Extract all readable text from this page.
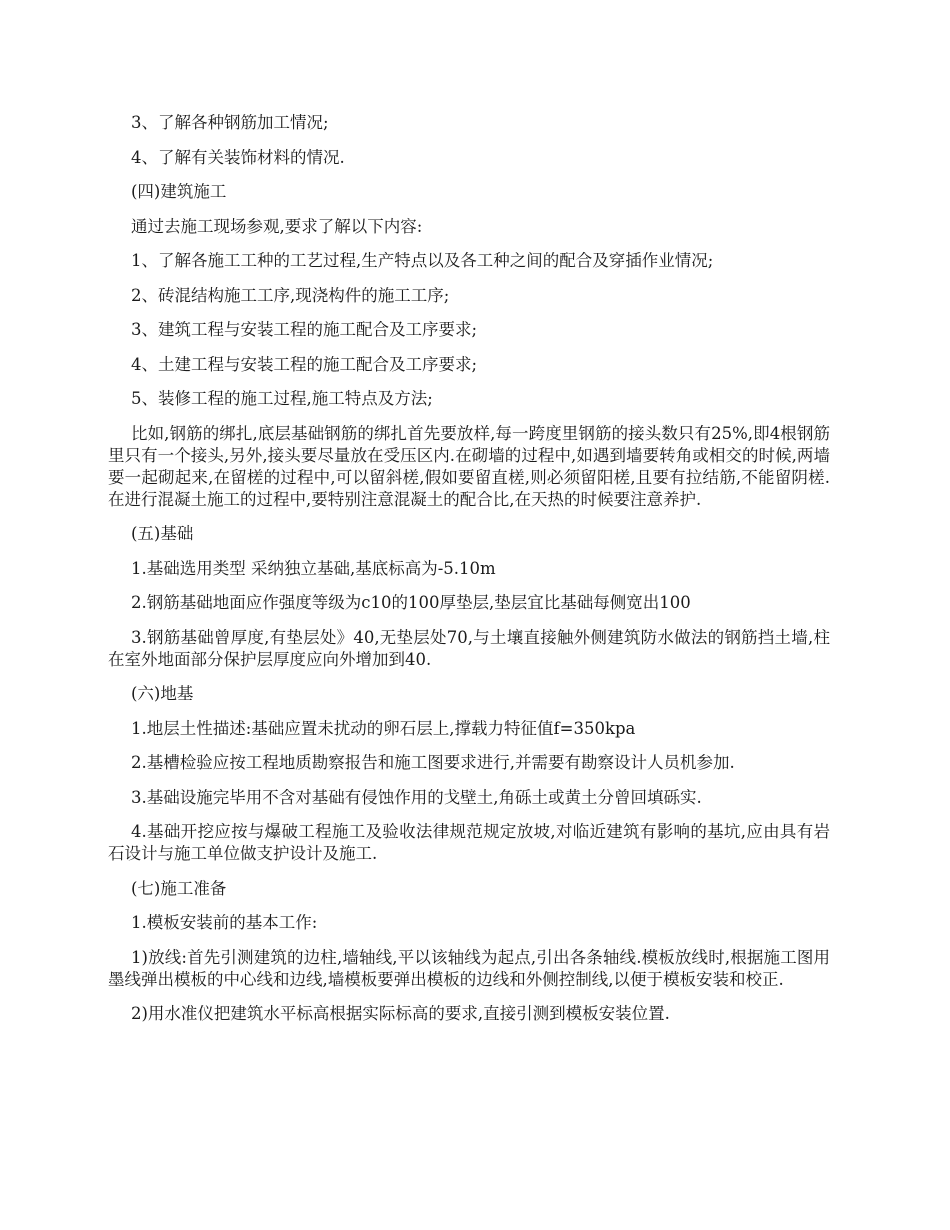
3、了解各种钢筋加工情况;

4、了解有关装饰材料的情况.

(四)建筑施工

通过去施工现场参观,要求了解以下内容:

1、了解各施工工种的工艺过程,生产特点以及各工种之间的配合及穿插作业情况;

2、砖混结构施工工序,现浇构件的施工工序;

3、建筑工程与安装工程的施工配合及工序要求;

4、土建工程与安装工程的施工配合及工序要求;

5、装修工程的施工过程,施工特点及方法;

比如,钢筋的绑扎,底层基础钢筋的绑扎首先要放样,每一跨度里钢筋的接头数只有25%,即4根钢筋里只有一个接头,另外,接头要尽量放在受压区内.在砌墙的过程中,如遇到墙要转角或相交的时候,两墙要一起砌起来,在留槎的过程中,可以留斜槎,假如要留直槎,则必须留阳槎,且要有拉结筋,不能留阴槎.在进行混凝土施工的过程中,要特别注意混凝土的配合比,在天热的时候要注意养护.

(五)基础

1.基础选用类型 采纳独立基础,基底标高为-5.10m

2.钢筋基础地面应作强度等级为c10的100厚垫层,垫层宜比基础每侧宽出100

3.钢筋基础曾厚度,有垫层处》40,无垫层处70,与土壤直接触外侧建筑防水做法的钢筋挡土墙,柱在室外地面部分保护层厚度应向外增加到40.

(六)地基

1.地层土性描述:基础应置未扰动的卵石层上,撑载力特征值f=350kpa

2.基槽检验应按工程地质勘察报告和施工图要求进行,并需要有勘察设计人员机参加.

3.基础设施完毕用不含对基础有侵蚀作用的戈壁土,角砾土或黄土分曾回填砾实.

4.基础开挖应按与爆破工程施工及验收法律规范规定放坡,对临近建筑有影响的基坑,应由具有岩石设计与施工单位做支护设计及施工.

(七)施工准备

1.模板安装前的基本工作:

1)放线:首先引测建筑的边柱,墙轴线,平以该轴线为起点,引出各条轴线.模板放线时,根据施工图用墨线弹出模板的中心线和边线,墙模板要弹出模板的边线和外侧控制线,以便于模板安装和校正.

2)用水准仪把建筑水平标高根据实际标高的要求,直接引测到模板安装位置.
